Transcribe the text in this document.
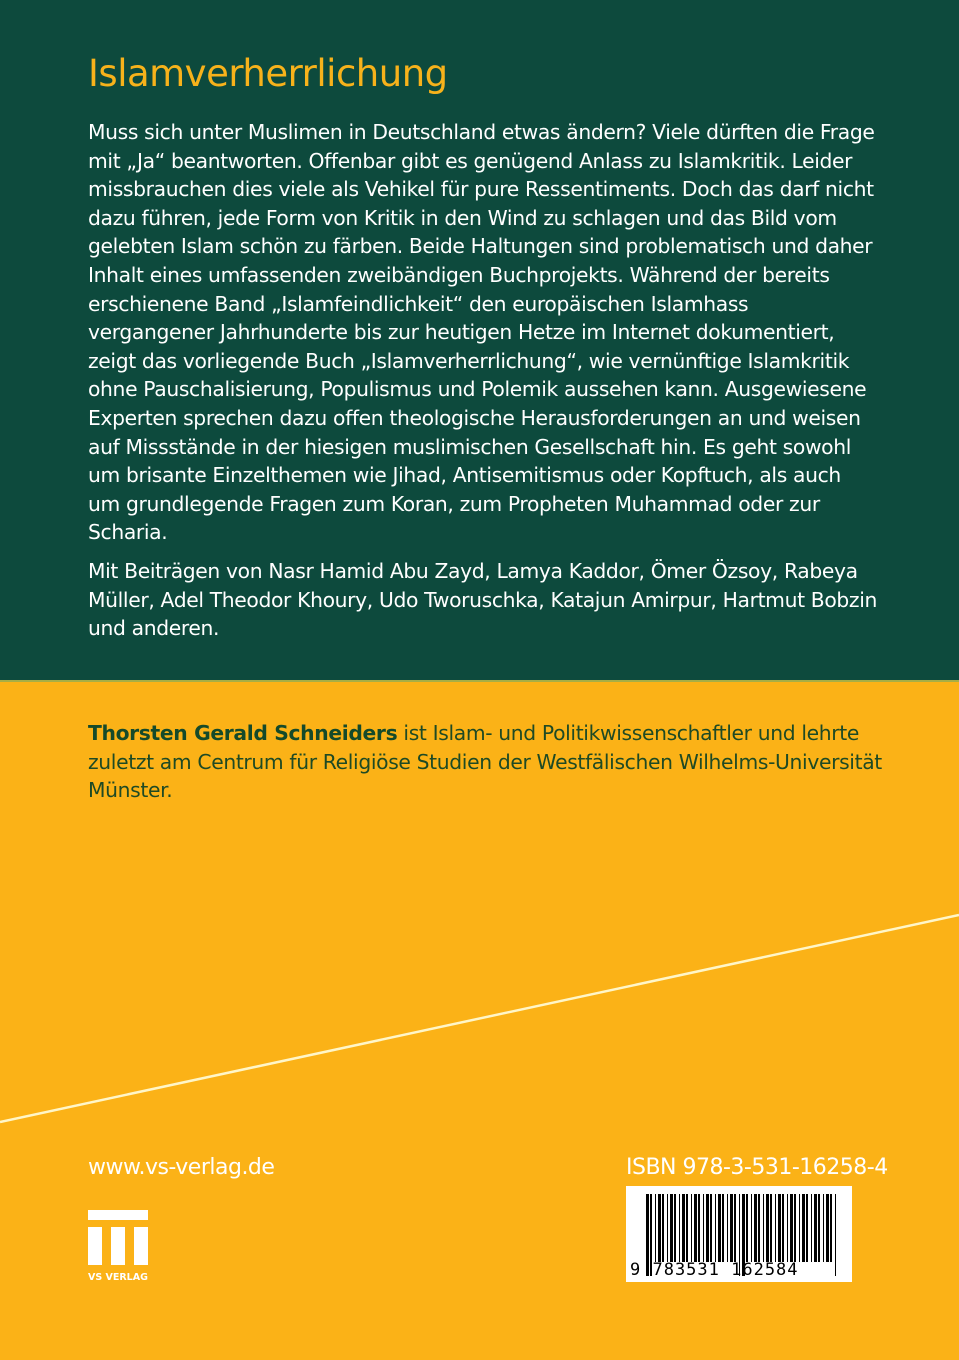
Islamverherrlichung

Muss sich unter Muslimen in Deutschland etwas ändern? Viele dürften die Frage mit „Ja“ beantworten. Offenbar gibt es genügend Anlass zu Islamkritik. Leider missbrauchen dies viele als Vehikel für pure Ressentiments. Doch das darf nicht dazu führen, jede Form von Kritik in den Wind zu schlagen und das Bild vom gelebten Islam schön zu färben. Beide Haltungen sind problematisch und daher Inhalt eines umfassenden zweibändigen Buchprojekts. Während der bereits erschienene Band „Islamfeindlichkeit“ den europäischen Islamhass vergangener Jahrhunderte bis zur heutigen Hetze im Internet dokumentiert, zeigt das vorliegende Buch „Islamverherrlichung“, wie vernünftige Islamkritik ohne Pauschalisierung, Populismus und Polemik aussehen kann. Ausgewiesene Experten sprechen dazu offen theologische Herausforderungen an und weisen auf Missstände in der hiesigen muslimischen Gesellschaft hin. Es geht sowohl um brisante Einzelthemen wie Jihad, Antisemitismus oder Kopftuch, als auch um grundlegende Fragen zum Koran, zum Propheten Muhammad oder zur Scharia.

Mit Beiträgen von Nasr Hamid Abu Zayd, Lamya Kaddor, Ömer Özsoy, Rabeya Müller, Adel Theodor Khoury, Udo Tworuschka, Katajun Amirpur, Hartmut Bobzin und anderen.

Thorsten Gerald Schneiders ist Islam- und Politikwissenschaftler und lehrte zuletzt am Centrum für Religiöse Studien der Westfälischen Wilhelms-Universität Münster.
www.vs-verlag.de	ISBN 978-3-531-16258-4
VS VERLAG	9 783531 162584
